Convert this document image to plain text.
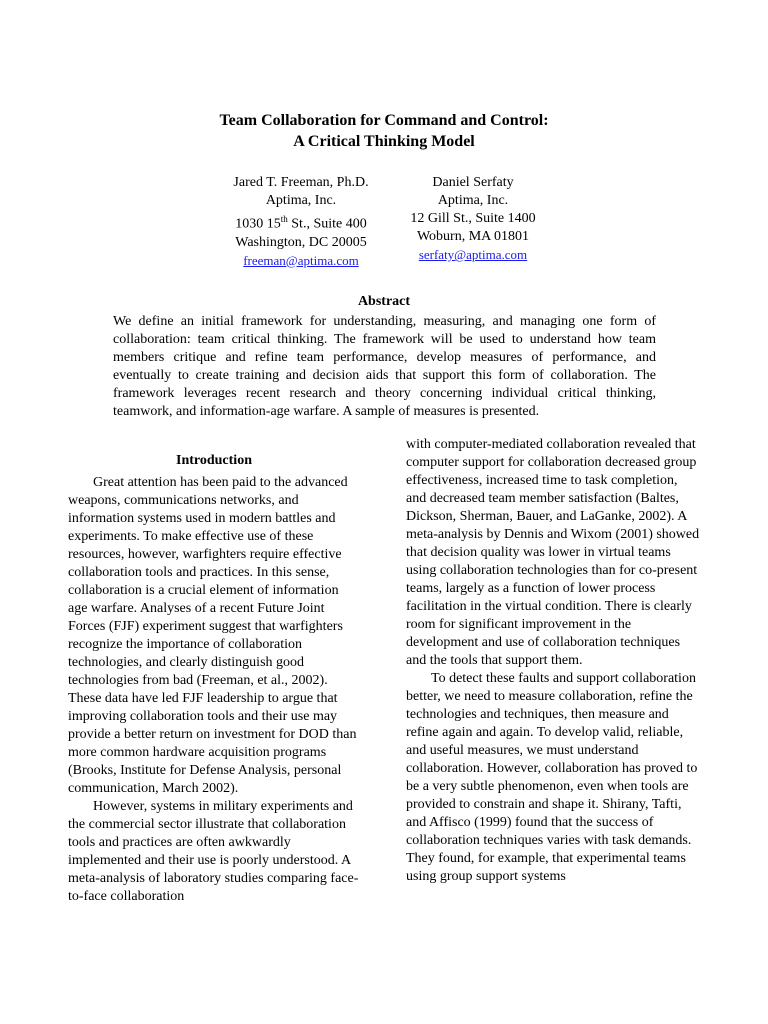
Team Collaboration for Command and Control:
A Critical Thinking Model
Jared T. Freeman, Ph.D.
Aptima, Inc.
1030 15th St., Suite 400
Washington, DC 20005
freeman@aptima.com
Daniel Serfaty
Aptima, Inc.
12 Gill St., Suite 1400
Woburn, MA 01801
serfaty@aptima.com
Abstract
We define an initial framework for understanding, measuring, and managing one form of collaboration: team critical thinking. The framework will be used to understand how team members critique and refine team performance, develop measures of performance, and eventually to create training and decision aids that support this form of collaboration. The framework leverages recent research and theory concerning individual critical thinking, teamwork, and information-age warfare. A sample of measures is presented.
Introduction

Great attention has been paid to the advanced weapons, communications networks, and information systems used in modern battles and experiments. To make effective use of these resources, however, warfighters require effective collaboration tools and practices. In this sense, collaboration is a crucial element of information age warfare. Analyses of a recent Future Joint Forces (FJF) experiment suggest that warfighters recognize the importance of collaboration technologies, and clearly distinguish good technologies from bad (Freeman, et al., 2002). These data have led FJF leadership to argue that improving collaboration tools and their use may provide a better return on investment for DOD than more common hardware acquisition programs (Brooks, Institute for Defense Analysis, personal communication, March 2002).

However, systems in military experiments and the commercial sector illustrate that collaboration tools and practices are often awkwardly implemented and their use is poorly understood. A meta-analysis of laboratory studies comparing face-to-face collaboration

with computer-mediated collaboration revealed that computer support for collaboration decreased group effectiveness, increased time to task completion, and decreased team member satisfaction (Baltes, Dickson, Sherman, Bauer, and LaGanke, 2002). A meta-analysis by Dennis and Wixom (2001) showed that decision quality was lower in virtual teams using collaboration technologies than for co-present teams, largely as a function of lower process facilitation in the virtual condition. There is clearly room for significant improvement in the development and use of collaboration techniques and the tools that support them.

To detect these faults and support collaboration better, we need to measure collaboration, refine the technologies and techniques, then measure and refine again and again. To develop valid, reliable, and useful measures, we must understand collaboration. However, collaboration has proved to be a very subtle phenomenon, even when tools are provided to constrain and shape it. Shirany, Tafti, and Affisco (1999) found that the success of collaboration techniques varies with task demands. They found, for example, that experimental teams using group support systems
